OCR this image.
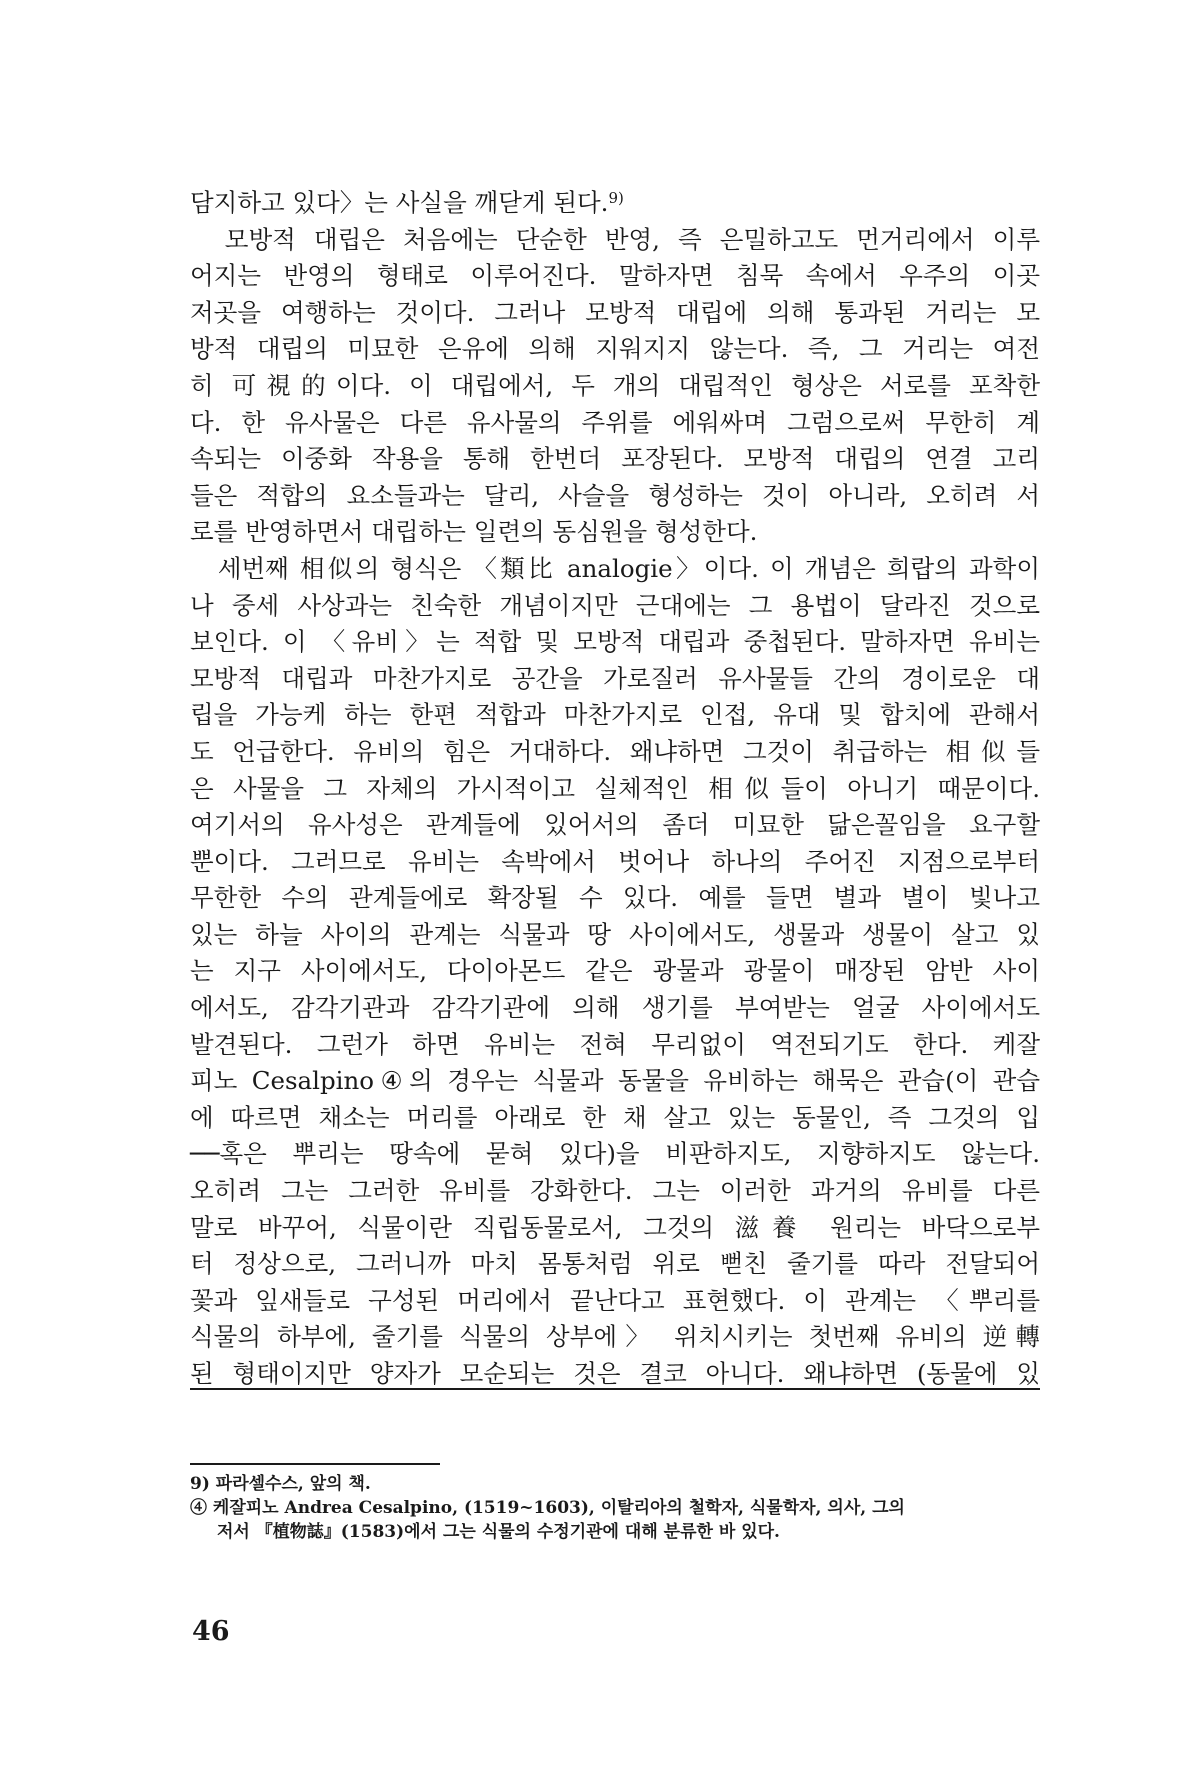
담지하고 있다〉는 사실을 깨닫게 된다.$^{9)}$
　모방적 대립은 처음에는 단순한 반영, 즉 은밀하고도 먼거리에서 이루
어지는 반영의 형태로 이루어진다. 말하자면 침묵 속에서 우주의 이곳
저곳을 여행하는 것이다. 그러나 모방적 대립에 의해 통과된 거리는 모
방적 대립의 미묘한 은유에 의해 지워지지 않는다. 즉, 그 거리는 여전
히 可視的이다. 이 대립에서, 두 개의 대립적인 형상은 서로를 포착한
다. 한 유사물은 다른 유사물의 주위를 에워싸며 그럼으로써 무한히 계
속되는 이중화 작용을 통해 한번더 포장된다. 모방적 대립의 연결 고리
들은 적합의 요소들과는 달리, 사슬을 형성하는 것이 아니라, 오히려 서
로를 반영하면서 대립하는 일련의 동심원을 형성한다.
　세번째 相似의 형식은 〈類比 analogie〉이다. 이 개념은 희랍의 과학이
나 중세 사상과는 친숙한 개념이지만 근대에는 그 용법이 달라진 것으로
보인다. 이 〈유비〉는 적합 및 모방적 대립과 중첩된다. 말하자면 유비는
모방적 대립과 마찬가지로 공간을 가로질러 유사물들 간의 경이로운 대
립을 가능케 하는 한편 적합과 마찬가지로 인접, 유대 및 합치에 관해서
도 언급한다. 유비의 힘은 거대하다. 왜냐하면 그것이 취급하는 相似들
은 사물을 그 자체의 가시적이고 실체적인 相似들이 아니기 때문이다.
여기서의 유사성은 관계들에 있어서의 좀더 미묘한 닮은꼴임을 요구할
뿐이다. 그러므로 유비는 속박에서 벗어나 하나의 주어진 지점으로부터
무한한 수의 관계들에로 확장될 수 있다. 예를 들면 별과 별이 빛나고
있는 하늘 사이의 관계는 식물과 땅 사이에서도, 생물과 생물이 살고 있
는 지구 사이에서도, 다이아몬드 같은 광물과 광물이 매장된 암반 사이
에서도, 감각기관과 감각기관에 의해 생기를 부여받는 얼굴 사이에서도
발견된다. 그런가 하면 유비는 전혀 무리없이 역전되기도 한다. 케잘
피노 Cesalpino④의 경우는 식물과 동물을 유비하는 해묵은 관습(이 관습
에 따르면 채소는 머리를 아래로 한 채 살고 있는 동물인, 즉 그것의 입
──혹은 뿌리는 땅속에 묻혀 있다)을 비판하지도, 지향하지도 않는다.
오히려 그는 그러한 유비를 강화한다. 그는 이러한 과거의 유비를 다른
말로 바꾸어, 식물이란 직립동물로서, 그것의 滋養 원리는 바닥으로부
터 정상으로, 그러니까 마치 몸통처럼 위로 뻗친 줄기를 따라 전달되어
꽃과 잎새들로 구성된 머리에서 끝난다고 표현했다. 이 관계는 〈뿌리를
식물의 하부에, 줄기를 식물의 상부에〉 위치시키는 첫번째 유비의 逆轉
된 형태이지만 양자가 모순되는 것은 결코 아니다. 왜냐하면 (동물에 있
9) 파라셀수스, 앞의 책.
④ 케잘피노 Andrea Cesalpino, (1519~1603), 이탈리아의 철학자, 식물학자, 의사, 그의
저서 『植物誌』(1583)에서 그는 식물의 수정기관에 대해 분류한 바 있다.
46
